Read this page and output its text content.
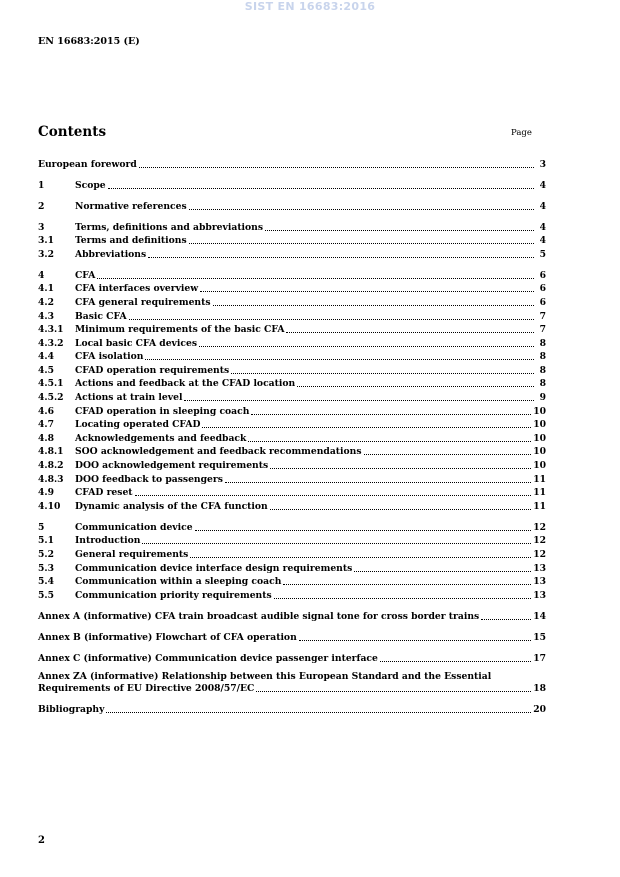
SIST EN 16683:2016
EN 16683:2015 (E)
Contents	Page
European foreword	3
1	Scope	4
2	Normative references	4
3	Terms, definitions and abbreviations	4
3.1	Terms and definitions	4
3.2	Abbreviations	5
4	CFA	6
4.1	CFA interfaces overview	6
4.2	CFA general requirements	6
4.3	Basic CFA	7
4.3.1	Minimum requirements of the basic CFA	7
4.3.2	Local basic CFA devices	8
4.4	CFA isolation	8
4.5	CFAD operation requirements	8
4.5.1	Actions and feedback at the CFAD location	8
4.5.2	Actions at train level	9
4.6	CFAD operation in sleeping coach	10
4.7	Locating operated CFAD	10
4.8	Acknowledgements and feedback	10
4.8.1	SOO acknowledgement and feedback recommendations	10
4.8.2	DOO acknowledgement requirements	10
4.8.3	DOO feedback to passengers	11
4.9	CFAD reset	11
4.10	Dynamic analysis of the CFA function	11
5	Communication device	12
5.1	Introduction	12
5.2	General requirements	12
5.3	Communication device interface design requirements	13
5.4	Communication within a sleeping coach	13
5.5	Communication priority requirements	13
Annex A (informative) CFA train broadcast audible signal tone for cross border trains	14
Annex B (informative) Flowchart of CFA operation	15
Annex C (informative) Communication device passenger interface	17
Annex ZA (informative) Relationship between this European Standard and the Essential
Requirements of EU Directive 2008/57/EC	18
Bibliography	20
2
